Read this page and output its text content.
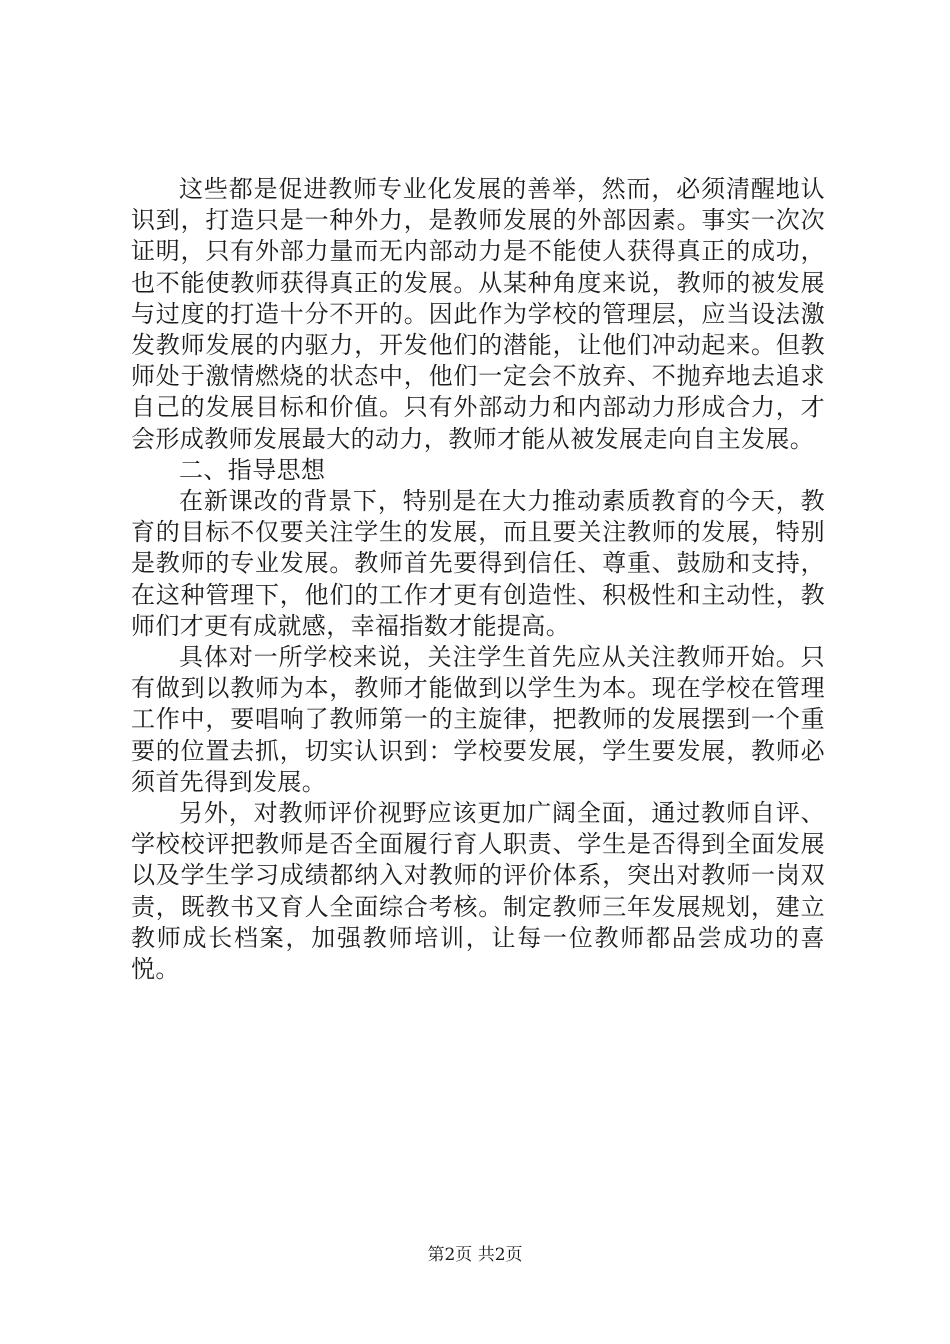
这些都是促进教师专业化发展的善举，然而，必须清醒地认识到，打造只是一种外力，是教师发展的外部因素。事实一次次证明，只有外部力量而无内部动力是不能使人获得真正的成功，也不能使教师获得真正的发展。从某种角度来说，教师的被发展与过度的打造十分不开的。因此作为学校的管理层，应当设法激发教师发展的内驱力，开发他们的潜能，让他们冲动起来。但教师处于激情燃烧的状态中，他们一定会不放弃、不抛弃地去追求自己的发展目标和价值。只有外部动力和内部动力形成合力，才会形成教师发展最大的动力，教师才能从被发展走向自主发展。

二、指导思想

在新课改的背景下，特别是在大力推动素质教育的今天，教育的目标不仅要关注学生的发展，而且要关注教师的发展，特别是教师的专业发展。教师首先要得到信任、尊重、鼓励和支持，在这种管理下，他们的工作才更有创造性、积极性和主动性，教师们才更有成就感，幸福指数才能提高。

具体对一所学校来说，关注学生首先应从关注教师开始。只有做到以教师为本，教师才能做到以学生为本。现在学校在管理工作中，要唱响了教师第一的主旋律，把教师的发展摆到一个重要的位置去抓，切实认识到：学校要发展，学生要发展，教师必须首先得到发展。

另外，对教师评价视野应该更加广阔全面，通过教师自评、学校校评把教师是否全面履行育人职责、学生是否得到全面发展以及学生学习成绩都纳入对教师的评价体系，突出对教师一岗双责，既教书又育人全面综合考核。制定教师三年发展规划，建立教师成长档案，加强教师培训，让每一位教师都品尝成功的喜悦。

第2页 共2页
